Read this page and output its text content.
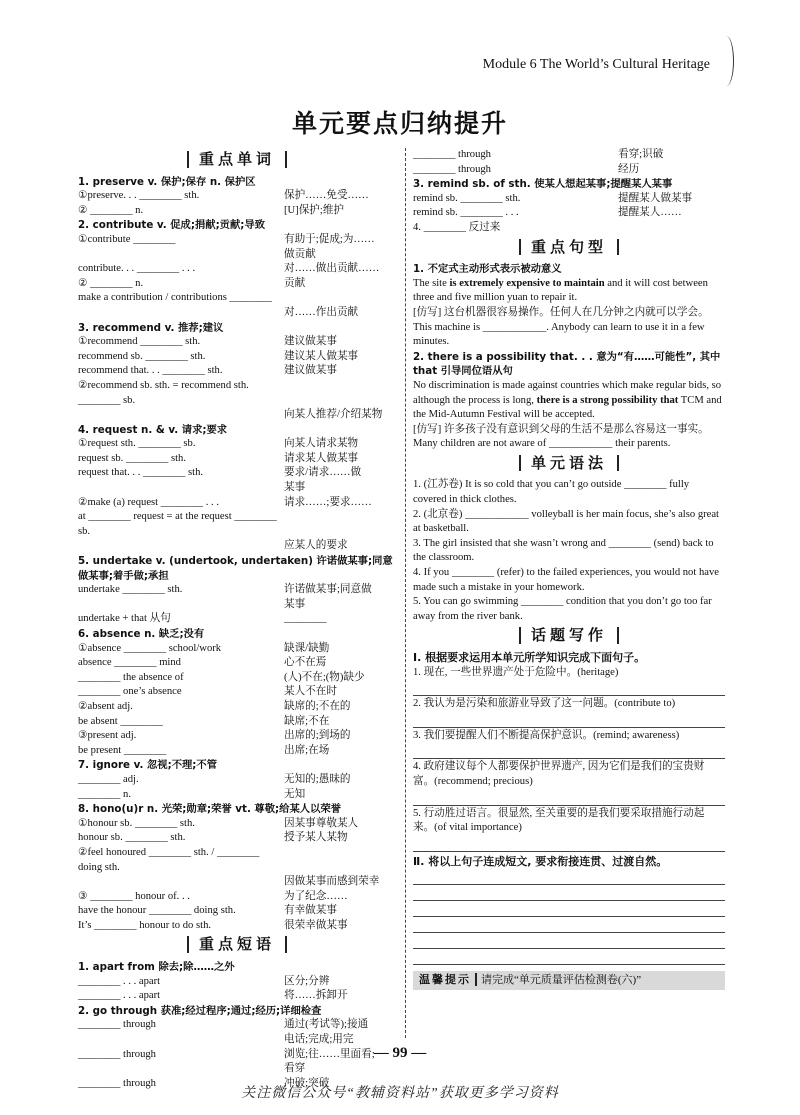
Module 6 The World’s Cultural Heritage
单元要点归纳提升
重点单词
1. preserve v. 保护;保存 n. 保护区
①preserve. . . ________ sth.	保护……免受……
② ________ n.	[U]保护;维护
2. contribute v. 促成;捐献;贡献;导致
①contribute ________	有助于;促成;为……
做贡献
contribute. . . ________ . . .	对……做出贡献……
② ________ n.	贡献
make a contribution / contributions ________
对……作出贡献
3. recommend v. 推荐;建议
①recommend ________ sth.	建议做某事
recommend sb. ________ sth.	建议某人做某事
recommend that. . . ________ sth.	建议做某事
②recommend sb. sth. = recommend sth. ________ sb.
向某人推荐/介绍某物
4. request n. & v. 请求;要求
①request sth. ________ sb.	向某人请求某物
request sb. ________ sth.	请求某人做某事
request that. . . ________ sth.	要求/请求……做
某事
②make (a) request ________ . . .	请求……;要求……
at ________ request = at the request ________ sb.
应某人的要求
5. undertake v. (undertook, undertaken) 许诺做某事;同意做某事;着手做;承担
undertake ________ sth.	许诺做某事;同意做
某事
undertake + that 从句	________
6. absence n. 缺乏;没有
①absence ________ school/work	缺课/缺勤
absence ________ mind	心不在焉
________ the absence of	(人)不在;(物)缺少
________ one’s absence	某人不在时
②absent adj.	缺席的;不在的
be absent ________	缺席;不在
③present adj.	出席的;到场的
be present ________	出席;在场
7. ignore v. 忽视;不理;不管
________ adj.	无知的;愚昧的
________ n.	无知
8. hono(u)r n. 光荣;勋章;荣誉 vt. 尊敬;给某人以荣誉
①honour sb. ________ sth.	因某事尊敬某人
honour sb. ________ sth.	授予某人某物
②feel honoured ________ sth. / ________ doing sth.
因做某事而感到荣幸
③ ________ honour of. . .	为了纪念……
have the honour ________ doing sth.	有幸做某事
It’s ________ honour to do sth.	很荣幸做某事
重点短语
1. apart from 除去;除……之外
________ . . . apart	区分;分辨
________ . . . apart	将……拆卸开
2. go through 获准;经过程序;通过;经历;详细检查
________ through	通过(考试等);接通
电话;完成;用完
________ through	浏览;往……里面看;
看穿
________ through	冲破;突破
________ through	看穿;识破
________ through	经历
3. remind sb. of sth. 使某人想起某事;提醒某人某事
remind sb. ________ sth.	提醒某人做某事
remind sb. ________ . . .	提醒某人……
4. ________ 反过来
重点句型
1. 不定式主动形式表示被动意义

The site is extremely expensive to maintain and it will cost between three and five million yuan to repair it.

[仿写] 这台机器很容易操作。任何人在几分钟之内就可以学会。

This machine is ____________. Anybody can learn to use it in a few minutes.

2. there is a possibility that. . . 意为“有……可能性”, 其中 that 引导同位语从句

No discrimination is made against countries which make regular bids, so although the process is long, there is a strong possibility that TCM and the Mid-Autumn Festival will be accepted.

[仿写] 许多孩子没有意识到父母的生活不是那么容易这一事实。

Many children are not aware of ____________ their parents.

单元语法

1. (江苏卷) It is so cold that you can’t go outside ________ fully covered in thick clothes.

2. (北京卷) ____________ volleyball is her main focus, she’s also great at basketball.

3. The girl insisted that she wasn’t wrong and ________ (send) back to the classroom.

4. If you ________ (refer) to the failed experiences, you would not have made such a mistake in your homework.

5. You can go swimming ________ condition that you don’t go too far away from the river bank.

话题写作
Ⅰ. 根据要求运用本单元所学知识完成下面句子。

1. 现在, 一些世界遗产处于危险中。(heritage)

2. 我认为是污染和旅游业导致了这一问题。(contribute to)

3. 我们要提醒人们不断提高保护意识。(remind; awareness)

4. 政府建议每个人都要保护世界遗产, 因为它们是我们的宝贵财富。(recommend; precious)

5. 行动胜过语言。很显然, 至关重要的是我们要采取措施行动起来。(of vital importance)

Ⅱ. 将以上句子连成短文, 要求衔接连贯、过渡自然。
温馨提示 请完成“单元质量评估检测卷(六)”
— 99 —
关注微信公众号“教辅资料站”获取更多学习资料
